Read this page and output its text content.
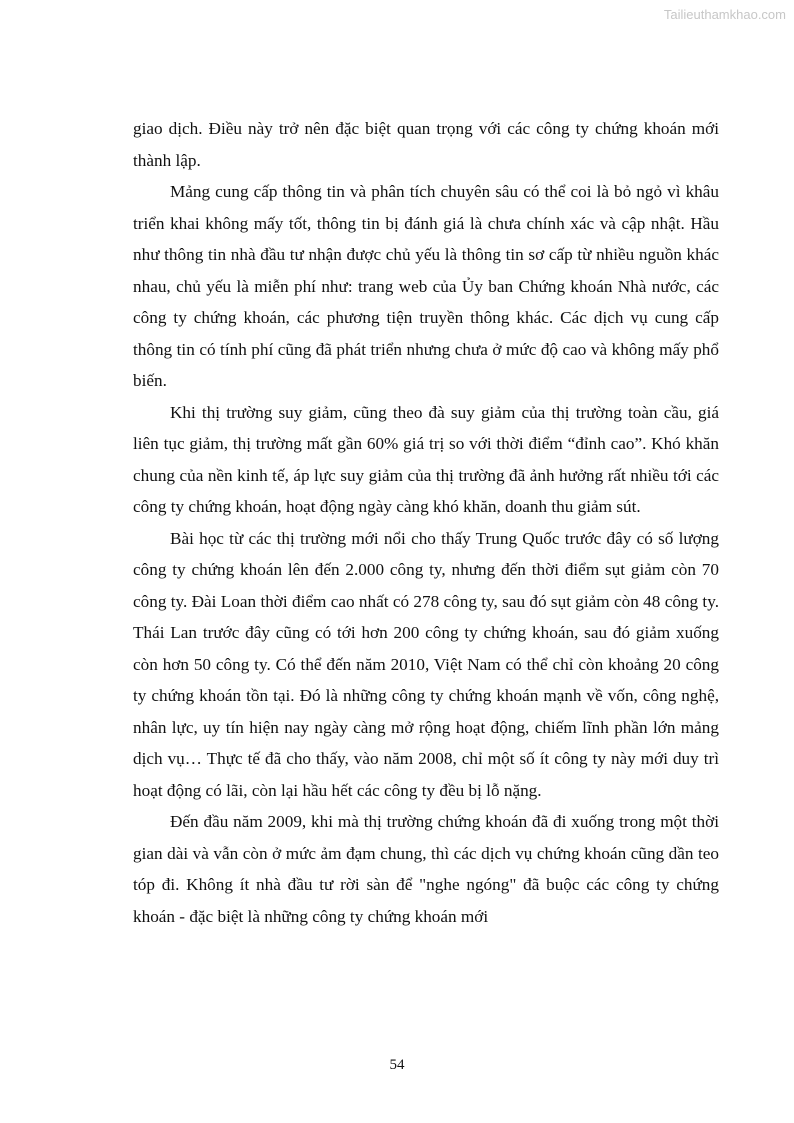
Tailieuthamkhao.com

giao dịch. Điều này trở nên đặc biệt quan trọng với các công ty chứng khoán mới thành lập.

Mảng cung cấp thông tin và phân tích chuyên sâu có thể coi là bỏ ngỏ vì khâu triển khai không mấy tốt, thông tin bị đánh giá là chưa chính xác và cập nhật. Hầu như thông tin nhà đầu tư nhận được chủ yếu là thông tin sơ cấp từ nhiều nguồn khác nhau, chủ yếu là miễn phí như: trang web của Ủy ban Chứng khoán Nhà nước, các công ty chứng khoán, các phương tiện truyền thông khác. Các dịch vụ cung cấp thông tin có tính phí cũng đã phát triển nhưng chưa ở mức độ cao và không mấy phổ biến.

Khi thị trường suy giảm, cũng theo đà suy giảm của thị trường toàn cầu, giá liên tục giảm, thị trường mất gần 60% giá trị so với thời điểm “đỉnh cao”. Khó khăn chung của nền kinh tế, áp lực suy giảm của thị trường đã ảnh hưởng rất nhiều tới các công ty chứng khoán, hoạt động ngày càng khó khăn, doanh thu giảm sút.

Bài học từ các thị trường mới nổi cho thấy Trung Quốc trước đây có số lượng công ty chứng khoán lên đến 2.000 công ty, nhưng đến thời điểm sụt giảm còn 70 công ty. Đài Loan thời điểm cao nhất có 278 công ty, sau đó sụt giảm còn 48 công ty. Thái Lan trước đây cũng có tới hơn 200 công ty chứng khoán, sau đó giảm xuống còn hơn 50 công ty. Có thể đến năm 2010, Việt Nam có thể chỉ còn khoảng 20 công ty chứng khoán tồn tại. Đó là những công ty chứng khoán mạnh về vốn, công nghệ, nhân lực, uy tín hiện nay ngày càng mở rộng hoạt động, chiếm lĩnh phần lớn mảng dịch vụ… Thực tế đã cho thấy, vào năm 2008, chỉ một số ít công ty này mới duy trì hoạt động có lãi, còn lại hầu hết các công ty đều bị lỗ nặng.

Đến đầu năm 2009, khi mà thị trường chứng khoán đã đi xuống trong một thời gian dài và vẫn còn ở mức ảm đạm chung, thì các dịch vụ chứng khoán cũng dần teo tóp đi. Không ít nhà đầu tư rời sàn để "nghe ngóng" đã buộc các công ty chứng khoán - đặc biệt là những công ty chứng khoán mới

54
